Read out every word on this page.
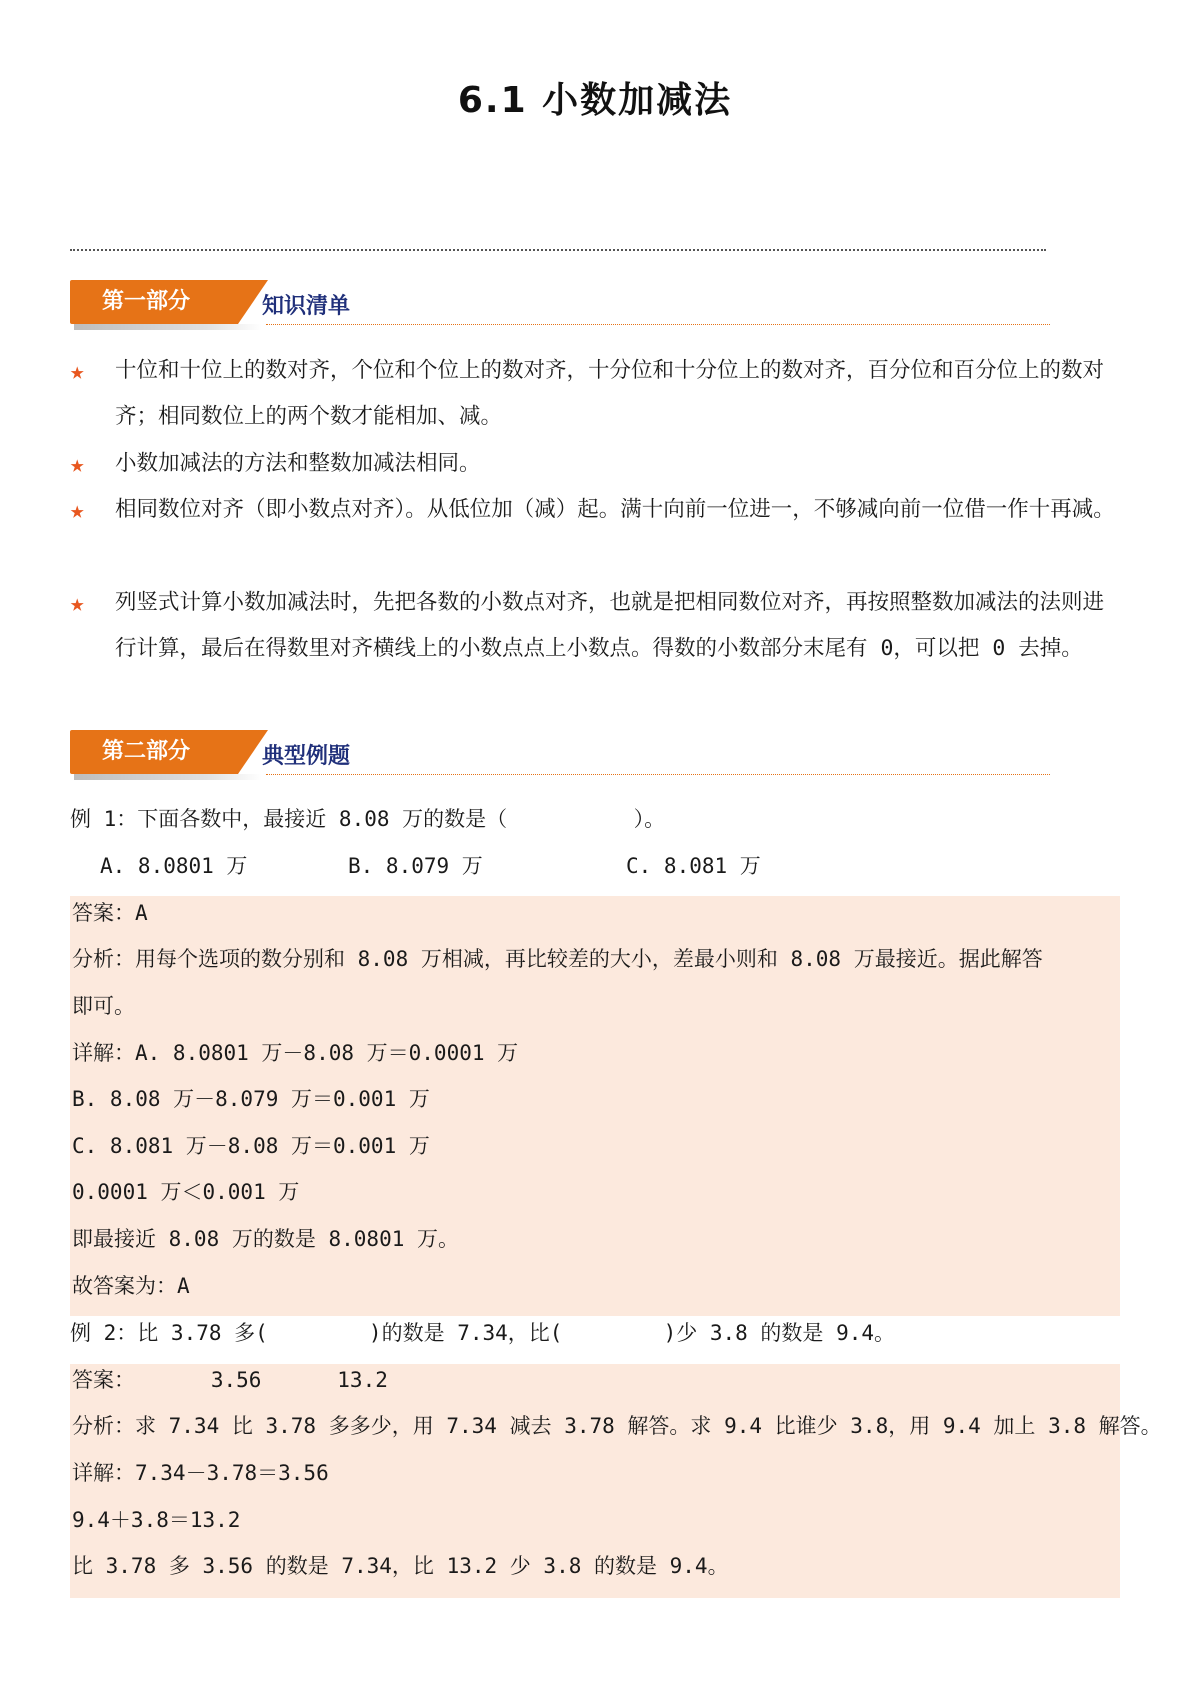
6.1 小数加减法
第一部分	知识清单
★	十位和十位上的数对齐，个位和个位上的数对齐，十分位和十分位上的数对齐，百分位和百分位上的数对齐；相同数位上的两个数才能相加、减。
★	小数加减法的方法和整数加减法相同。
★	相同数位对齐（即小数点对齐）。从低位加（减）起。满十向前一位进一，不够减向前一位借一作十再减。
★	列竖式计算小数加减法时，先把各数的小数点对齐，也就是把相同数位对齐，再按照整数加减法的法则进行计算，最后在得数里对齐横线上的小数点点上小数点。得数的小数部分末尾有 0，可以把 0 去掉。
第二部分	典型例题
例 1：下面各数中，最接近 8.08 万的数是（          ）。
A. 8.0801 万	B. 8.079 万	C. 8.081 万
答案：A
分析：用每个选项的数分别和 8.08 万相减，再比较差的大小，差最小则和 8.08 万最接近。据此解答
即可。
详解：A. 8.0801 万－8.08 万＝0.0001 万
B. 8.08 万－8.079 万＝0.001 万
C. 8.081 万－8.08 万＝0.001 万
0.0001 万＜0.001 万
即最接近 8.08 万的数是 8.0801 万。
故答案为：A
例 2：比 3.78 多(        )的数是 7.34，比(        )少 3.8 的数是 9.4。
答案：      3.56      13.2
分析：求 7.34 比 3.78 多多少，用 7.34 减去 3.78 解答。求 9.4 比谁少 3.8，用 9.4 加上 3.8 解答。
详解：7.34－3.78＝3.56
9.4＋3.8＝13.2
比 3.78 多 3.56 的数是 7.34，比 13.2 少 3.8 的数是 9.4。
